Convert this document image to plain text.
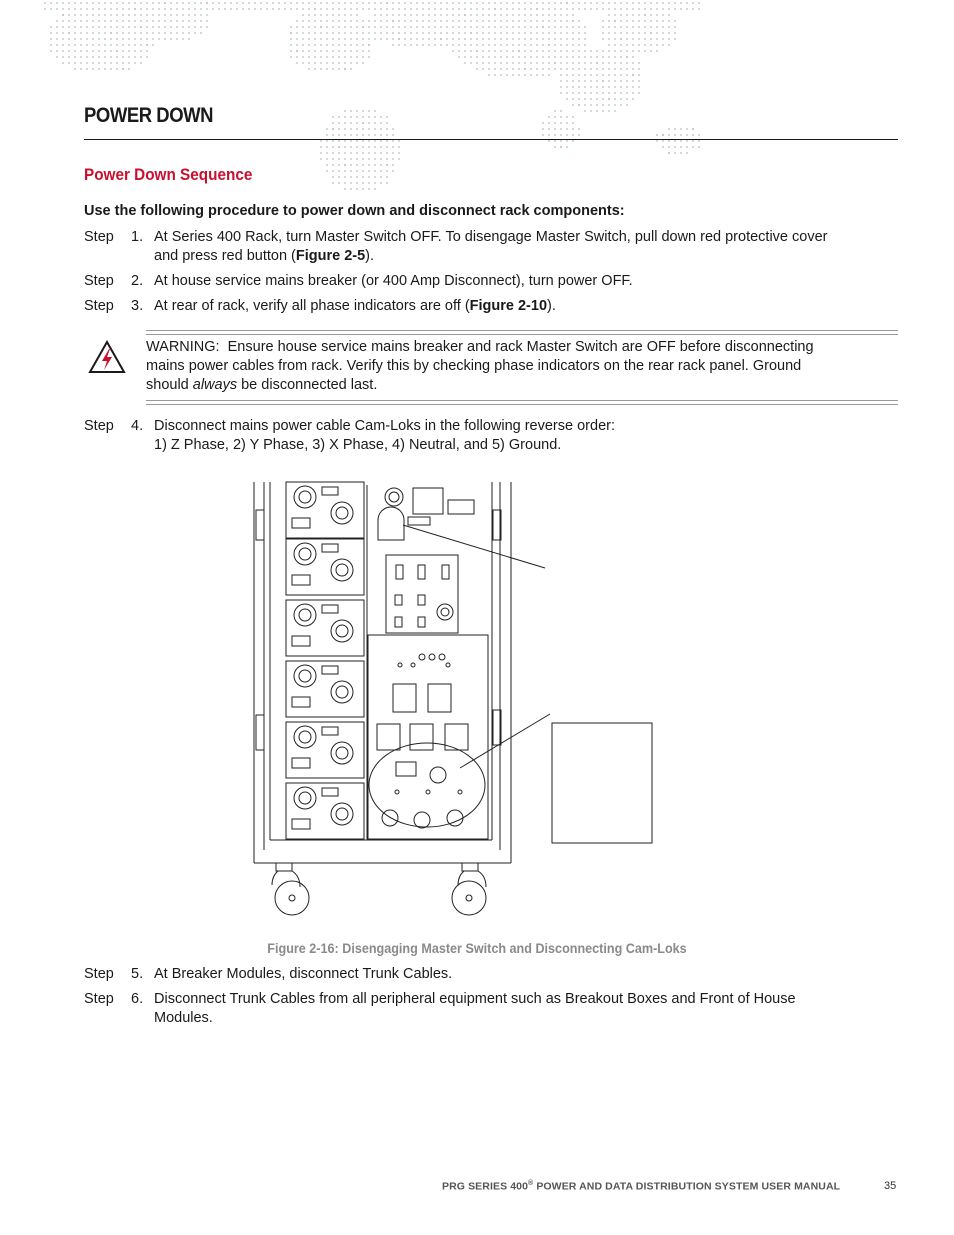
POWER DOWN
Power Down Sequence
Use the following procedure to power down and disconnect rack components:
Step 1. At Series 400 Rack, turn Master Switch OFF. To disengage Master Switch, pull down red protective cover
and press red button (Figure 2-5).
Step 2. At house service mains breaker (or 400 Amp Disconnect), turn power OFF.
Step 3. At rear of rack, verify all phase indicators are off (Figure 2-10).
WARNING: Ensure house service mains breaker and rack Master Switch are OFF before disconnecting
mains power cables from rack. Verify this by checking phase indicators on the rear rack panel. Ground
should always be disconnected last.
Step 4. Disconnect mains power cable Cam-Loks in the following reverse order:
1) Z Phase, 2) Y Phase, 3) X Phase, 4) Neutral, and 5) Ground.
Figure 2-16: Disengaging Master Switch and Disconnecting Cam-Loks
Step 5. At Breaker Modules, disconnect Trunk Cables.
Step 6. Disconnect Trunk Cables from all peripheral equipment such as Breakout Boxes and Front of House
Modules.
PRG SERIES 400® POWER AND DATA DISTRIBUTION SYSTEM USER MANUAL	35
